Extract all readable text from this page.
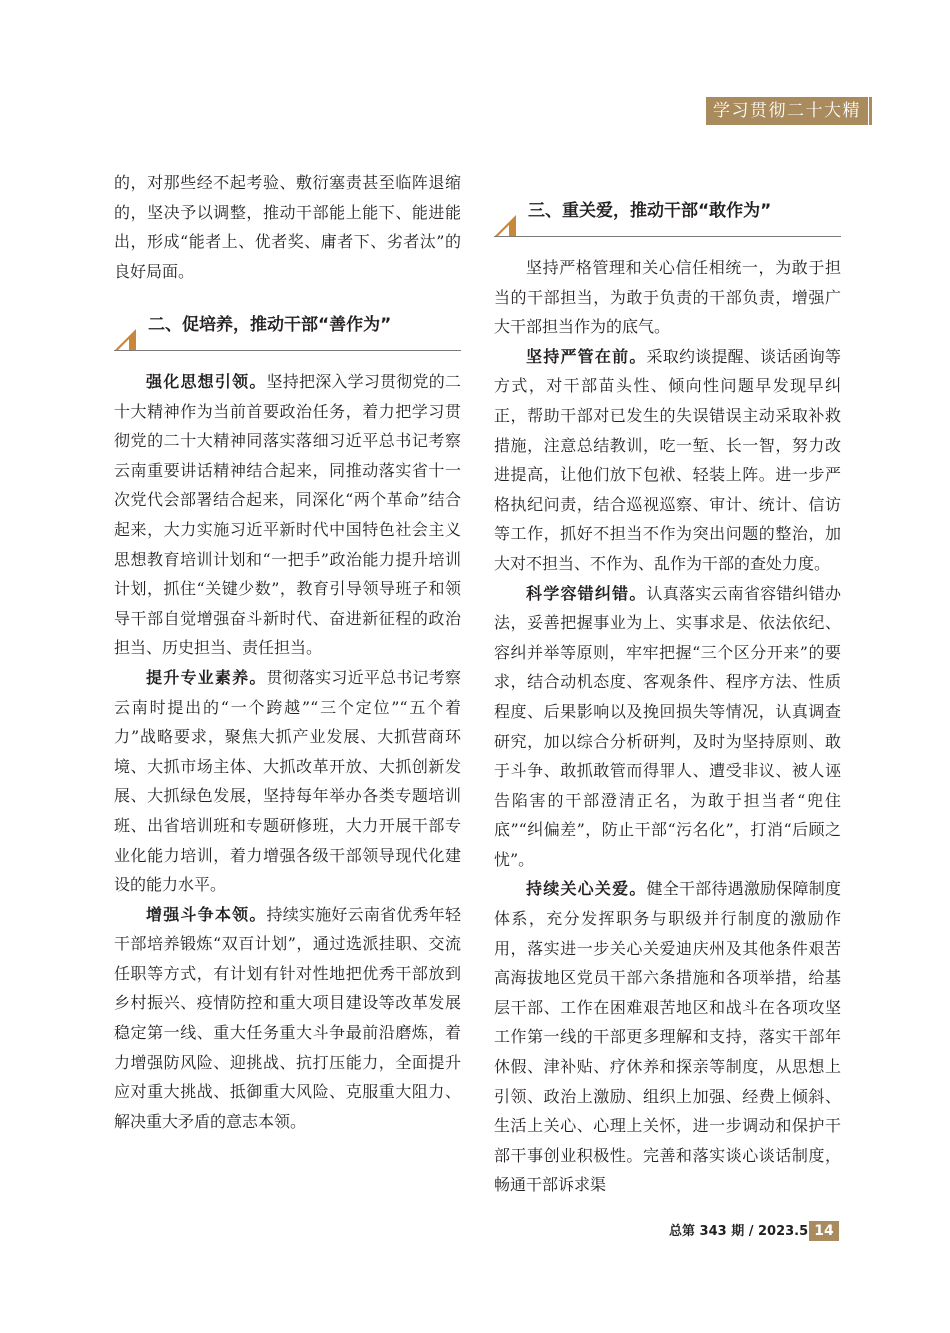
学习贯彻二十大精神

的，对那些经不起考验、敷衍塞责甚至临阵退缩的，坚决予以调整，推动干部能上能下、能进能出，形成“能者上、优者奖、庸者下、劣者汰”的良好局面。

二、促培养，推动干部“善作为”

强化思想引领。坚持把深入学习贯彻党的二十大精神作为当前首要政治任务，着力把学习贯彻党的二十大精神同落实落细习近平总书记考察云南重要讲话精神结合起来，同推动落实省十一次党代会部署结合起来，同深化“两个革命”结合起来，大力实施习近平新时代中国特色社会主义思想教育培训计划和“一把手”政治能力提升培训计划，抓住“关键少数”，教育引导领导班子和领导干部自觉增强奋斗新时代、奋进新征程的政治担当、历史担当、责任担当。

提升专业素养。贯彻落实习近平总书记考察云南时提出的“一个跨越”“三个定位”“五个着力”战略要求，聚焦大抓产业发展、大抓营商环境、大抓市场主体、大抓改革开放、大抓创新发展、大抓绿色发展，坚持每年举办各类专题培训班、出省培训班和专题研修班，大力开展干部专业化能力培训，着力增强各级干部领导现代化建设的能力水平。

增强斗争本领。持续实施好云南省优秀年轻干部培养锻炼“双百计划”，通过选派挂职、交流任职等方式，有计划有针对性地把优秀干部放到乡村振兴、疫情防控和重大项目建设等改革发展稳定第一线、重大任务重大斗争最前沿磨炼，着力增强防风险、迎挑战、抗打压能力，全面提升应对重大挑战、抵御重大风险、克服重大阻力、解决重大矛盾的意志本领。

三、重关爱，推动干部“敢作为”

坚持严格管理和关心信任相统一，为敢于担当的干部担当，为敢于负责的干部负责，增强广大干部担当作为的底气。

坚持严管在前。采取约谈提醒、谈话函询等方式，对干部苗头性、倾向性问题早发现早纠正，帮助干部对已发生的失误错误主动采取补救措施，注意总结教训，吃一堑、长一智，努力改进提高，让他们放下包袱、轻装上阵。进一步严格执纪问责，结合巡视巡察、审计、统计、信访等工作，抓好不担当不作为突出问题的整治，加大对不担当、不作为、乱作为干部的查处力度。

科学容错纠错。认真落实云南省容错纠错办法，妥善把握事业为上、实事求是、依法依纪、容纠并举等原则，牢牢把握“三个区分开来”的要求，结合动机态度、客观条件、程序方法、性质程度、后果影响以及挽回损失等情况，认真调查研究，加以综合分析研判，及时为坚持原则、敢于斗争、敢抓敢管而得罪人、遭受非议、被人诬告陷害的干部澄清正名，为敢于担当者“兜住底”“纠偏差”，防止干部“污名化”，打消“后顾之忧”。

持续关心关爱。健全干部待遇激励保障制度体系，充分发挥职务与职级并行制度的激励作用，落实进一步关心关爱迪庆州及其他条件艰苦高海拔地区党员干部六条措施和各项举措，给基层干部、工作在困难艰苦地区和战斗在各项攻坚工作第一线的干部更多理解和支持，落实干部年休假、津补贴、疗休养和探亲等制度，从思想上引领、政治上激励、组织上加强、经费上倾斜、生活上关心、心理上关怀，进一步调动和保护干部干事创业积极性。完善和落实谈心谈话制度，畅通干部诉求渠

总第 343 期 / 2023.5 14
